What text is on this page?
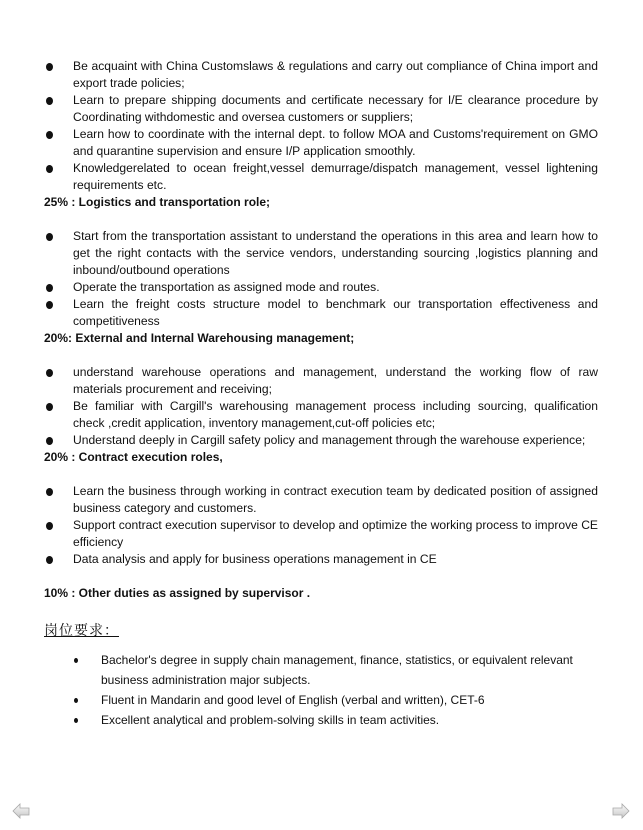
Be acquaint with China Customslaws & regulations and carry out compliance of China import and export trade policies;
Learn to prepare shipping documents and certificate necessary for I/E clearance procedure by Coordinating withdomestic and oversea customers or suppliers;
Learn how to coordinate with the internal dept. to follow MOA and Customs'requirement on GMO and quarantine supervision and ensure I/P application smoothly.
Knowledgerelated to ocean freight,vessel demurrage/dispatch management, vessel lightening requirements etc.
25% : Logistics and transportation role;
Start from the transportation assistant to understand the operations in this area and learn how to get the right contacts with the service vendors, understanding sourcing ,logistics planning and inbound/outbound operations
Operate the transportation as assigned mode and routes.
Learn the freight costs structure model to benchmark our transportation effectiveness and competitiveness
20%: External and Internal Warehousing management;
understand warehouse operations and management, understand the working flow of raw materials procurement and receiving;
Be familiar with Cargill's warehousing management process including sourcing, qualification check ,credit application, inventory management,cut-off policies etc;
Understand deeply in Cargill safety policy and management through the warehouse experience;
20% : Contract execution roles,
Learn the business through working in contract execution team by dedicated position of assigned business category and customers.
Support contract execution supervisor to develop and optimize the working process to improve CE efficiency
Data analysis and apply for business operations management in CE
10% : Other duties as assigned by supervisor .
岗位要求：
Bachelor's degree in supply chain management, finance, statistics, or equivalent relevant business administration major subjects.
Fluent in Mandarin and good level of English (verbal and written), CET-6
Excellent analytical and problem-solving skills in team activities.
